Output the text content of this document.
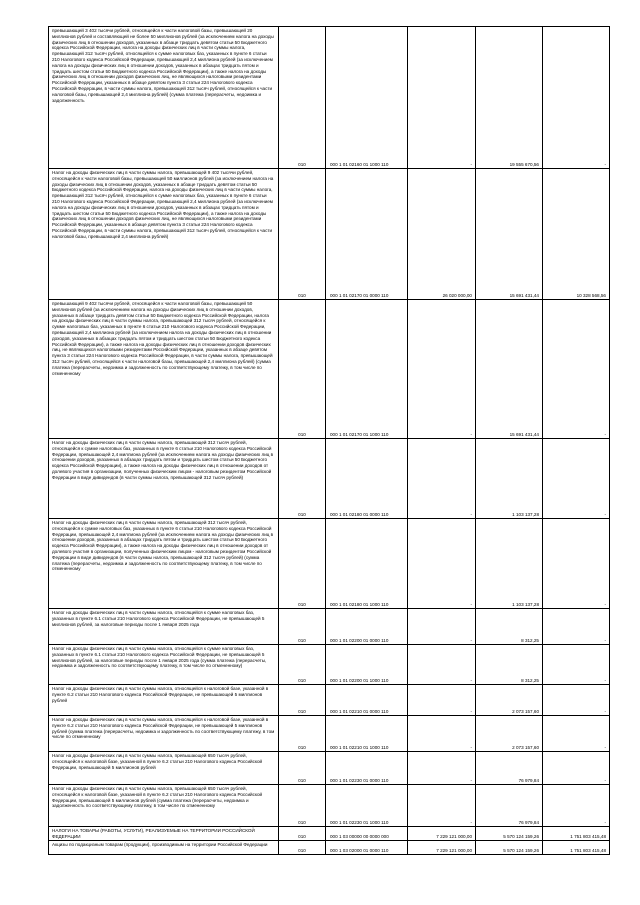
превышающей 3 402 тысячи рублей, относящейся к части налоговой базы, превышающей 20 миллионов рублей и составляющей не более 50 миллионов рублей (за исключением налога на доходы физических лиц в отношении доходов, указанных в абзаце тридцать девятом статьи 50 Бюджетного кодекса Российской Федерации, налога на доходы физических лиц в части суммы налога, превышающей 312 тысяч рублей, относящейся к сумме налоговых баз, указанных в пункте 6 статьи 210 Налогового кодекса Российской Федерации, превышающей 2,4 миллиона рублей (за исключением налога на доходы физических лиц в отношении доходов, указанных в абзацах тридцать пятом и тридцать шестом статьи 50 Бюджетного кодекса Российской Федерации), а также налога на доходы физических лиц в отношении доходов физических лиц, не являющихся налоговыми резидентами Российской Федерации, указанных в абзаце девятом пункта 3 статьи 224 Налогового кодекса Российской Федерации, в части суммы налога, превышающей 312 тысяч рублей, относящейся к части налоговой базы, превышающей 2,4 миллиона рублей) (сумма платежа (перерасчеты, недоимка и задолженность	010	000 1 01 02160 01 1000 110	-	19 555 670,56	-
Налог на доходы физических лиц в части суммы налога, превышающей 9 402 тысячи рублей, относящейся к части налоговой базы, превышающей 50 миллионов рублей (за исключением налога на доходы физических лиц в отношении доходов, указанных в абзаце тридцать девятом статьи 50 Бюджетного кодекса Российской Федерации, налога на доходы физических лиц в части суммы налога, превышающей 312 тысяч рублей, относящейся к сумме налоговых баз, указанных в пункте 6 статьи 210 Налогового кодекса Российской Федерации, превышающей 2,4 миллиона рублей (за исключением налога на доходы физических лиц в отношении доходов, указанных в абзацах тридцать пятом и тридцать шестом статьи 50 Бюджетного кодекса Российской Федерации), а также налога на доходы физических лиц в отношении доходов физических лиц, не являющихся налоговыми резидентами Российской Федерации, указанных в абзаце девятом пункта 3 статьи 224 Налогового кодекса Российской Федерации, в части суммы налога, превышающей 312 тысяч рублей, относящейся к части налоговой базы, превышающей 2,4 миллиона рублей)	010	000 1 01 02170 01 0000 110	26 020 000,00	15 691 431,44	10 328 568,56
превышающей 9 402 тысячи рублей, относящейся к части налоговой базы, превышающей 50 миллионов рублей (за исключением налога на доходы физических лиц в отношении доходов, указанных в абзаце тридцать девятом статьи 50 Бюджетного кодекса Российской Федерации, налога на доходы физических лиц в части суммы налога, превышающей 312 тысяч рублей, относящейся к сумме налоговых баз, указанных в пункте 6 статьи 210 Налогового кодекса Российской Федерации, превышающей 2,4 миллиона рублей (за исключением налога на доходы физических лиц в отношении доходов, указанных в абзацах тридцать пятом и тридцать шестом статьи 50 Бюджетного кодекса Российской Федерации), а также налога на доходы физических лиц в отношении доходов физических лиц, не являющихся налоговыми резидентами Российской Федерации, указанных в абзаце девятом пункта 3 статьи 224 Налогового кодекса Российской Федерации, в части суммы налога, превышающей 312 тысяч рублей, относящейся к части налоговой базы, превышающей 2,4 миллиона рублей) (сумма платежа (перерасчеты, недоимка и задолженность по соответствующему платежу, в том числе по отмененному	010	000 1 01 02170 01 1000 110	-	15 691 431,44	-
Налог на доходы физических лиц в части суммы налога, превышающей 312 тысяч рублей, относящейся к сумме налоговых баз, указанных в пункте 6 статьи 210 Налогового кодекса Российской Федерации, превышающей 2,4 миллиона рублей (за исключением налога на доходы физических лиц в отношении доходов, указанных в абзацах тридцать пятом и тридцать шестом статьи 50 Бюджетного кодекса Российской Федерации), а также налога на доходы физических лиц в отношении доходов от долевого участия в организации, полученных физическим лицом - налоговым резидентом Российской Федерации в виде дивидендов (в части суммы налога, превышающей 312 тысяч рублей)	010	000 1 01 02180 01 0000 110	-	1 103 137,28	-
Налог на доходы физических лиц в части суммы налога, превышающей 312 тысяч рублей, относящейся к сумме налоговых баз, указанных в пункте 6 статьи 210 Налогового кодекса Российской Федерации, превышающей 2,4 миллиона рублей (за исключением налога на доходы физических лиц в отношении доходов, указанных в абзацах тридцать пятом и тридцать шестом статьи 50 Бюджетного кодекса Российской Федерации), а также налога на доходы физических лиц в отношении доходов от долевого участия в организации, полученных физическим лицом - налоговым резидентом Российской Федерации в виде дивидендов (в части суммы налога, превышающей 312 тысяч рублей) (сумма платежа (перерасчеты, недоимка и задолженность по соответствующему платежу, в том числе по отмененному	010	000 1 01 02180 01 1000 110	-	1 103 137,28	-
Налог на доходы физических лиц в части суммы налога, относящейся к сумме налоговых баз, указанных в пункте 6.1 статьи 210 Налогового кодекса Российской Федерации, не превышающей 5 миллионов рублей, за налоговые периоды после 1 января 2025 года	010	000 1 01 02200 01 0000 110	-	8 312,25	-
Налог на доходы физических лиц в части суммы налога, относящейся к сумме налоговых баз, указанных в пункте 6.1 статьи 210 Налогового кодекса Российской Федерации, не превышающей 5 миллионов рублей, за налоговые периоды после 1 января 2025 года (сумма платежа (перерасчеты, недоимка и задолженность по соответствующему платежу, в том числе по отмененному)	010	000 1 01 02200 01 1000 110	-	8 312,25	-
Налог на доходы физических лиц в части суммы налога, относящейся к налоговой базе, указанной в пункте 6.2 статьи 210 Налогового кодекса Российской Федерации, не превышающей 5 миллионов рублей	010	000 1 01 02210 01 0000 110	-	2 073 157,60	-
Налог на доходы физических лиц в части суммы налога, относящейся к налоговой базе, указанной в пункте 6.2 статьи 210 Налогового кодекса Российской Федерации, не превышающей 5 миллионов рублей (сумма платежа (перерасчеты, недоимка и задолженность по соответствующему платежу, в том числе по отмененному	010	000 1 01 02210 01 1000 110	-	2 073 157,60	-
Налог на доходы физических лиц в части суммы налога, превышающей 650 тысяч рублей, относящейся к налоговой базе, указанной в пункте 6.2 статьи 210 Налогового кодекса Российской Федерации, превышающей 5 миллионов рублей	010	000 1 01 02230 01 0000 110	-	76 979,84	-
Налог на доходы физических лиц в части суммы налога, превышающей 650 тысяч рублей, относящейся к налоговой базе, указанной в пункте 6.2 статьи 210 Налогового кодекса Российской Федерации, превышающей 5 миллионов рублей (сумма платежа (перерасчеты, недоимка и задолженность по соответствующему платежу, в том числе по отмененному	010	000 1 01 02230 01 1000 110	-	76 979,84	-
НАЛОГИ НА ТОВАРЫ (РАБОТЫ, УСЛУГИ), РЕАЛИЗУЕМЫЕ НА ТЕРРИТОРИИ РОССИЙСКОЙ ФЕДЕРАЦИИ	010	000 1 03 00000 00 0000 000	7 229 121 000,00	5 570 124 159,26	1 751 803 415,48
Акцизы по подакцизным товарам (продукции), производимым на территории Российской Федерации	010	000 1 03 02000 01 0000 110	7 229 121 000,00	5 570 124 159,26	1 751 803 415,48
